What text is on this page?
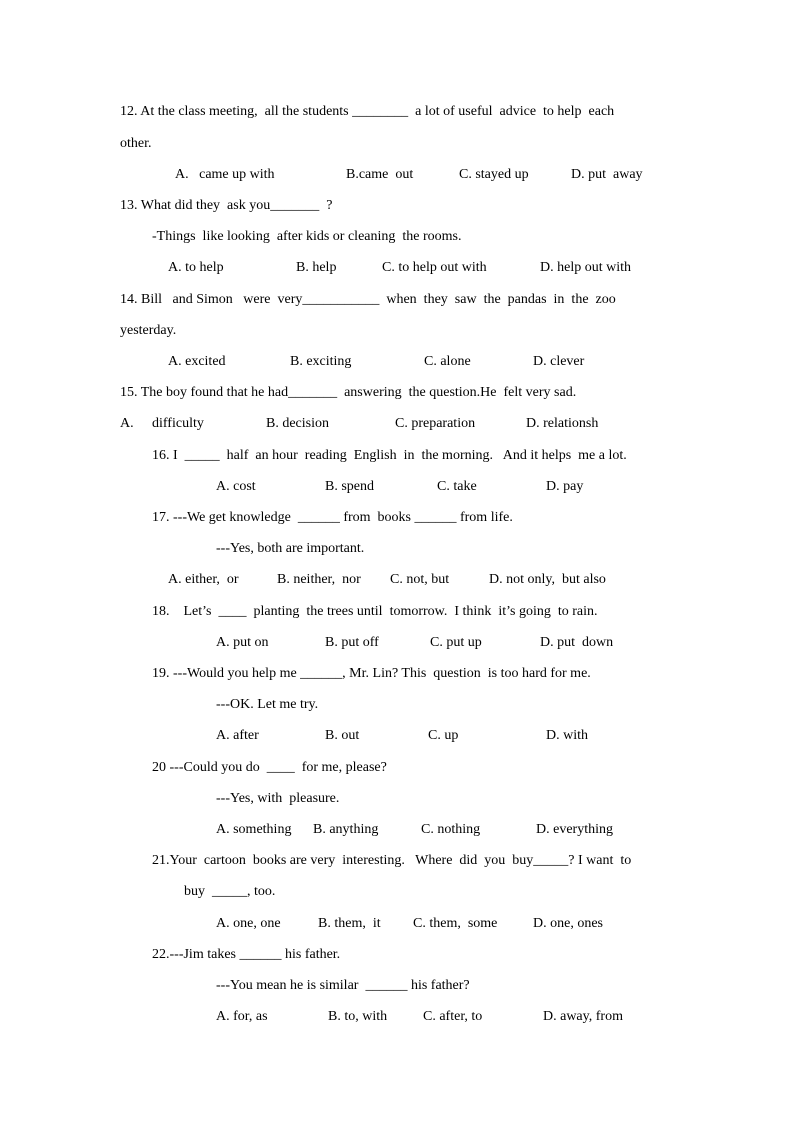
12. At the class meeting,  all the students ________  a lot of useful  advice  to help  each
other.
A.   came up with	B.came  out	C. stayed up	D. put  away
13. What did they  ask you_______  ?
-Things  like looking  after kids or cleaning  the rooms.
A. to help	B. help	C. to help out with	D. help out with
14. Bill   and Simon   were  very___________  when  they  saw  the  pandas  in  the  zoo
yesterday.
A. excited	B. exciting	C. alone	D. clever
15. The boy found that he had_______  answering  the question.He  felt very sad.
A. difficulty	B. decision	C. preparation	D. relationsh
16. I  _____  half  an hour  reading  English  in  the morning.   And it helps  me a lot.
A. cost	B. spend	C. take	D. pay
17. ---We get knowledge  ______ from  books ______ from life.
---Yes, both are important.
A. either,  or	B. neither,  nor C. not, but	D. not only,  but also
18.    Let’s  ____  planting  the trees until  tomorrow.  I think  it’s going  to rain.
A. put on	B. put off	C. put up	D. put  down
19. ---Would you help me ______, Mr. Lin? This  question  is too hard for me.
---OK. Let me try.
A. after	B. out	C. up	D. with
20 ---Could you do  ____  for me, please?
---Yes, with  pleasure.
A. something B. anything	C. nothing	D. everything
21.Your  cartoon  books are very  interesting.   Where  did  you  buy_____? I want  to
buy  _____, too.
A. one, one	B. them,  it C. them,  some	D. one, ones
22.---Jim takes ______ his father.
---You mean he is similar  ______ his father?
A. for, as	B. to, with	C. after, to	D. away, from
